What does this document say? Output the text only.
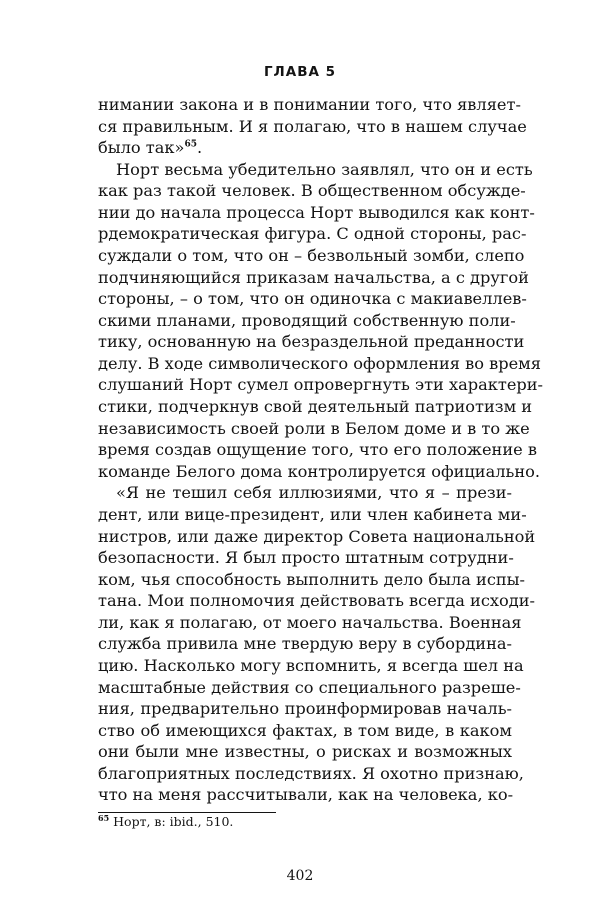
ГЛАВА 5
нимании закона и в понимании того, что являет-
ся правильным. И я полагаю, что в нашем случае
было так»$^{65}$.
Норт весьма убедительно заявлял, что он и есть
как раз такой человек. В общественном обсужде-
нии до начала процесса Норт выводился как конт-
рдемократическая фигура. С одной стороны, рас-
суждали о том, что он – безвольный зомби, слепо
подчиняющийся приказам начальства, а с другой
стороны, – о том, что он одиночка с макиавеллев-
скими планами, проводящий собственную поли-
тику, основанную на безраздельной преданности
делу. В ходе символического оформления во время
слушаний Норт сумел опровергнуть эти характери-
стики, подчеркнув свой деятельный патриотизм и
независимость своей роли в Белом доме и в то же
время создав ощущение того, что его положение в
команде Белого дома контролируется официально.
«Я не тешил себя иллюзиями, что я – прези-
дент, или вице-президент, или член кабинета ми-
нистров, или даже директор Совета национальной
безопасности. Я был просто штатным сотрудни-
ком, чья способность выполнить дело была испы-
тана. Мои полномочия действовать всегда исходи-
ли, как я полагаю, от моего начальства. Военная
служба привила мне твердую веру в субордина-
цию. Насколько могу вспомнить, я всегда шел на
масштабные действия со специального разреше-
ния, предварительно проинформировав началь-
ство об имеющихся фактах, в том виде, в каком
они были мне известны, о рисках и возможных
благоприятных последствиях. Я охотно признаю,
что на меня рассчитывали, как на человека, ко-
$^{65}$ Норт, в: ibid., 510.
402
